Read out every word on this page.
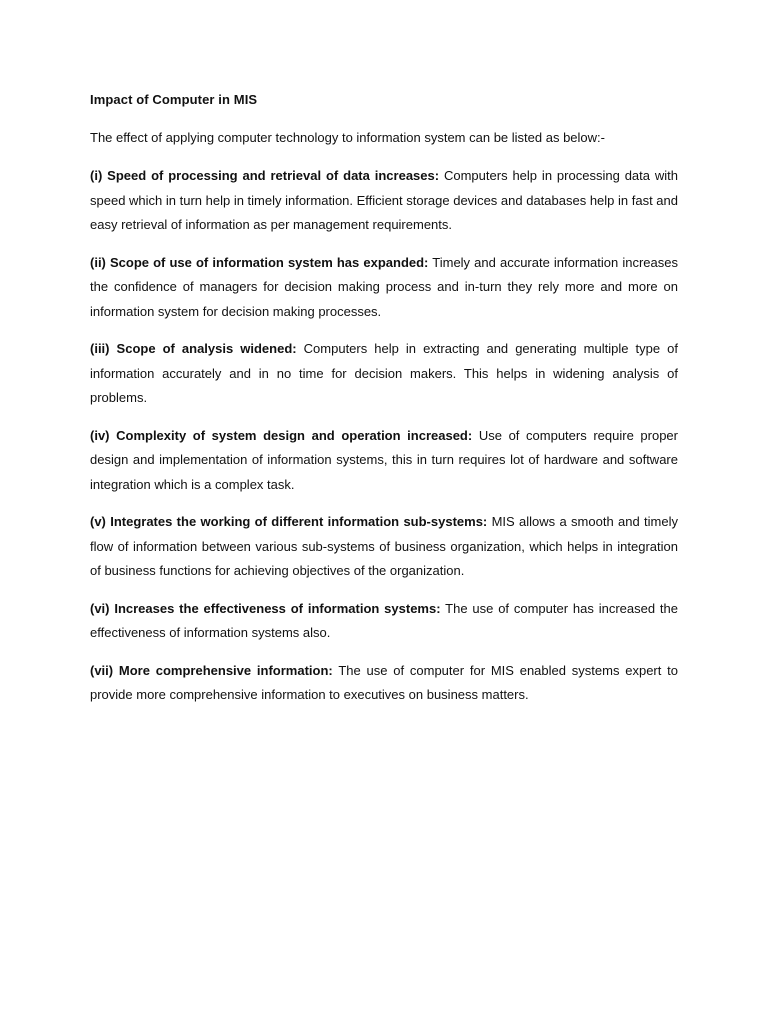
Impact of Computer in MIS
The effect of applying computer technology to information system can be listed as below:-
(i) Speed of processing and retrieval of data increases: Computers help in processing data with speed which in turn help in timely information. Efficient storage devices and databases help in fast and easy retrieval of information as per management requirements.
(ii) Scope of use of information system has expanded: Timely and accurate information increases the confidence of managers for decision making process and in-turn they rely more and more on information system for decision making processes.
(iii) Scope of analysis widened: Computers help in extracting and generating multiple type of information accurately and in no time for decision makers. This helps in widening analysis of problems.
(iv) Complexity of system design and operation increased: Use of computers require proper design and implementation of information systems, this in turn requires lot of hardware and software integration which is a complex task.
(v) Integrates the working of different information sub-systems: MIS allows a smooth and timely flow of information between various sub-systems of business organization, which helps in integration of business functions for achieving objectives of the organization.
(vi) Increases the effectiveness of information systems: The use of computer has increased the effectiveness of information systems also.
(vii) More comprehensive information: The use of computer for MIS enabled systems expert to provide more comprehensive information to executives on business matters.
